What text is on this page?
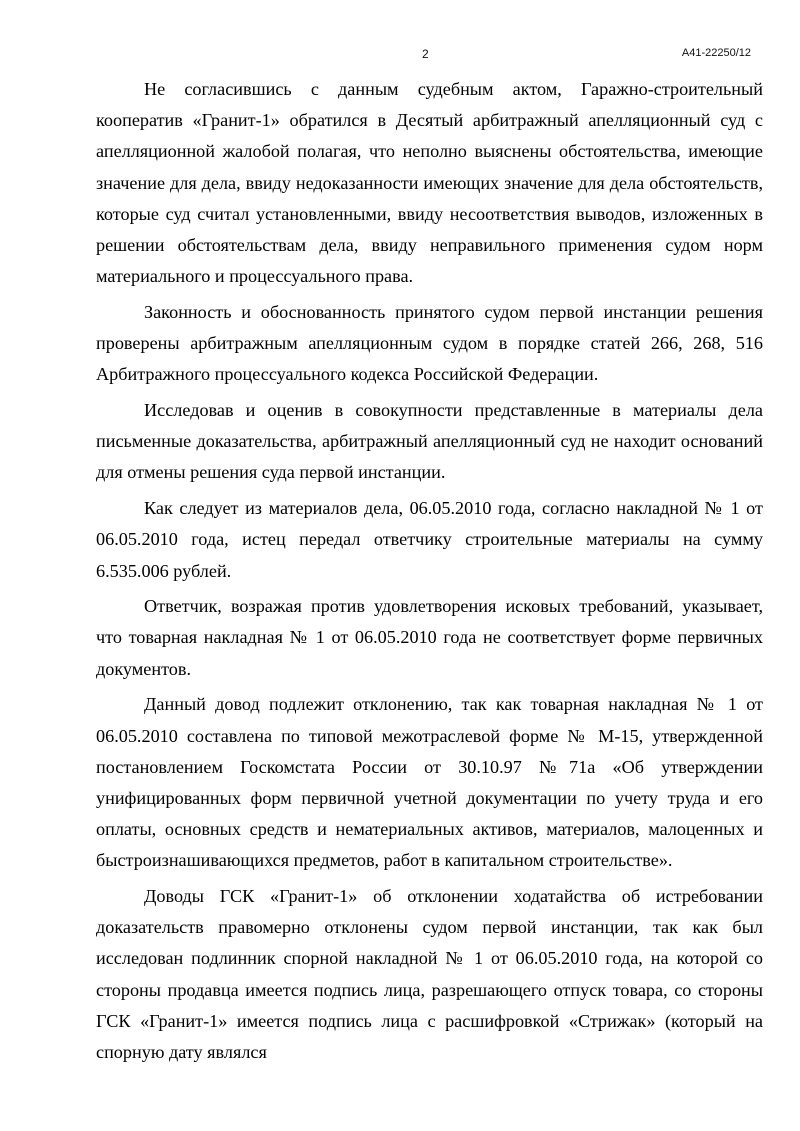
2	А41-22250/12

Не согласившись с данным судебным актом, Гаражно-строительный кооператив «Гранит-1» обратился в Десятый арбитражный апелляционный суд с апелляционной жалобой полагая, что неполно выяснены обстоятельства, имеющие значение для дела, ввиду недоказанности имеющих значение для дела обстоятельств, которые суд считал установленными, ввиду несоответствия выводов, изложенных в решении обстоятельствам дела, ввиду неправильного применения судом норм материального и процессуального права.

Законность и обоснованность принятого судом первой инстанции решения проверены арбитражным апелляционным судом в порядке статей 266, 268, 516 Арбитражного процессуального кодекса Российской Федерации.

Исследовав и оценив в совокупности представленные в материалы дела письменные доказательства, арбитражный апелляционный суд не находит оснований для отмены решения суда первой инстанции.

Как следует из материалов дела, 06.05.2010 года, согласно накладной № 1 от 06.05.2010 года, истец передал ответчику строительные материалы на сумму 6.535.006 рублей.

Ответчик, возражая против удовлетворения исковых требований, указывает, что товарная накладная № 1 от 06.05.2010 года не соответствует форме первичных документов.

Данный довод подлежит отклонению, так как товарная накладная № 1 от 06.05.2010 составлена по типовой межотраслевой форме № М-15, утвержденной постановлением Госкомстата России от 30.10.97 №71а «Об утверждении унифицированных форм первичной учетной документации по учету труда и его оплаты, основных средств и нематериальных активов, материалов, малоценных и быстроизнашивающихся предметов, работ в капитальном строительстве».

Доводы ГСК «Гранит-1» об отклонении ходатайства об истребовании доказательств правомерно отклонены судом первой инстанции, так как был исследован подлинник спорной накладной № 1 от 06.05.2010 года, на которой со стороны продавца имеется подпись лица, разрешающего отпуск товара, со стороны ГСК «Гранит-1» имеется подпись лица с расшифровкой «Стрижак» (который на спорную дату являлся
